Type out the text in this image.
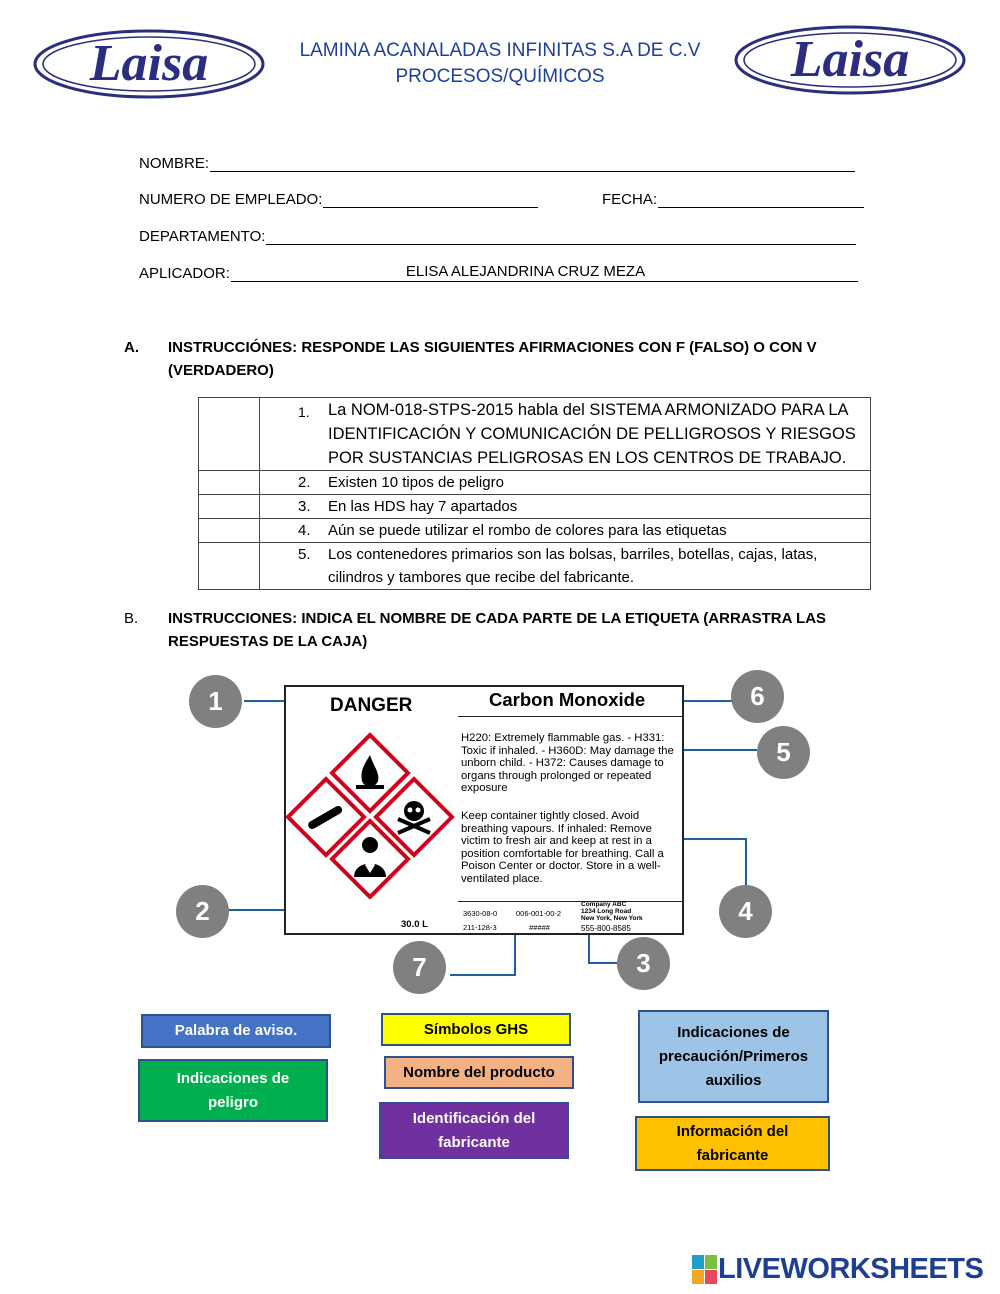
Laisa	Laisa
LAMINA ACANALADAS INFINITAS S.A DE C.V
PROCESOS/QUÍMICOS
NOMBRE:
NUMERO DE EMPLEADO:	FECHA:
DEPARTAMENTO:
APLICADOR:	ELISA ALEJANDRINA CRUZ MEZA
A. INSTRUCCIÓNES: RESPONDE LAS SIGUIENTES AFIRMACIONES CON F (FALSO) O CON V (VERDADERO)

	1. La NOM-018-STPS-2015 habla del SISTEMA ARMONIZADO PARA LA IDENTIFICACIÓN Y COMUNICACIÓN DE PELLIGROSOS Y RIESGOS POR SUSTANCIAS PELIGROSAS EN LOS CENTROS DE TRABAJO.

	2. Existen 10 tipos de peligro

	3. En las HDS hay 7 apartados

	4. Aún se puede utilizar el rombo de colores para las etiquetas

	5. Los contenedores primarios son las bolsas, barriles, botellas, cajas, latas, cilindros y tambores que recibe del fabricante.
B. INSTRUCCIONES: INDICA EL NOMBRE DE CADA PARTE DE LA ETIQUETA (ARRASTRA LAS RESPUESTAS DE LA CAJA)
DANGER	Carbon Monoxide
H220: Extremely flammable gas. - H331: Toxic if inhaled. - H360D: May damage the unborn child. - H372: Causes damage to organs through prolonged or repeated exposure
Keep container tightly closed. Avoid breathing vapours. If inhaled: Remove victim to fresh air and keep at rest in a position comfortable for breathing. Call a Poison Center or doctor. Store in a well-ventilated place.
30.0 L
3630-08-0
211-128-3
006-001-00-2
#####
Company ABC
1234 Long Road
New York, New York
555-800-8585
1
2
3
4
5
6
7
Palabra de aviso.
Indicaciones de peligro
Símbolos GHS
Nombre del producto
Identificación del fabricante
Indicaciones de precaución/Primeros auxilios
Información del fabricante
LIVEWORKSHEETS
